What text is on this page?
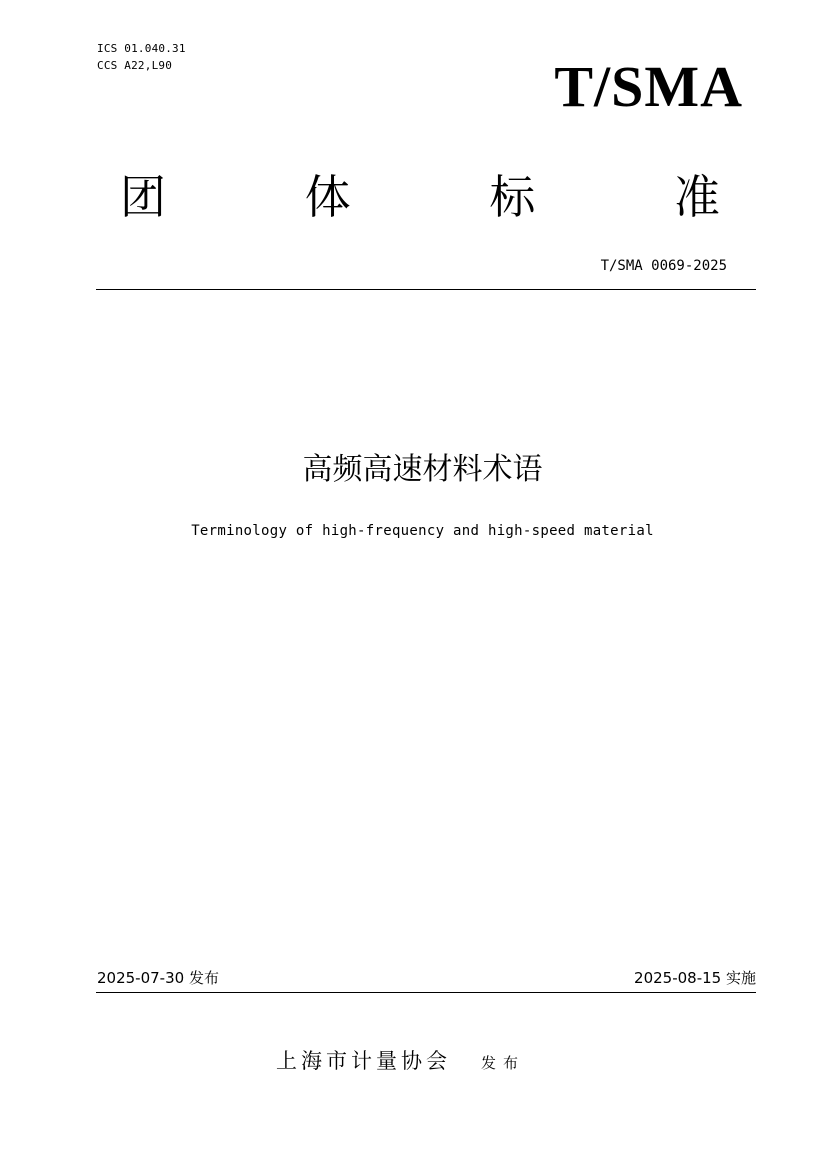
ICS 01.040.31
CCS A22,L90	T/SMA
团	体	标	准
T/SMA 0069-2025
高频高速材料术语
Terminology of high-frequency and high-speed material
2025-07-30 发布	2025-08-15 实施
上海市计量协会 发布
